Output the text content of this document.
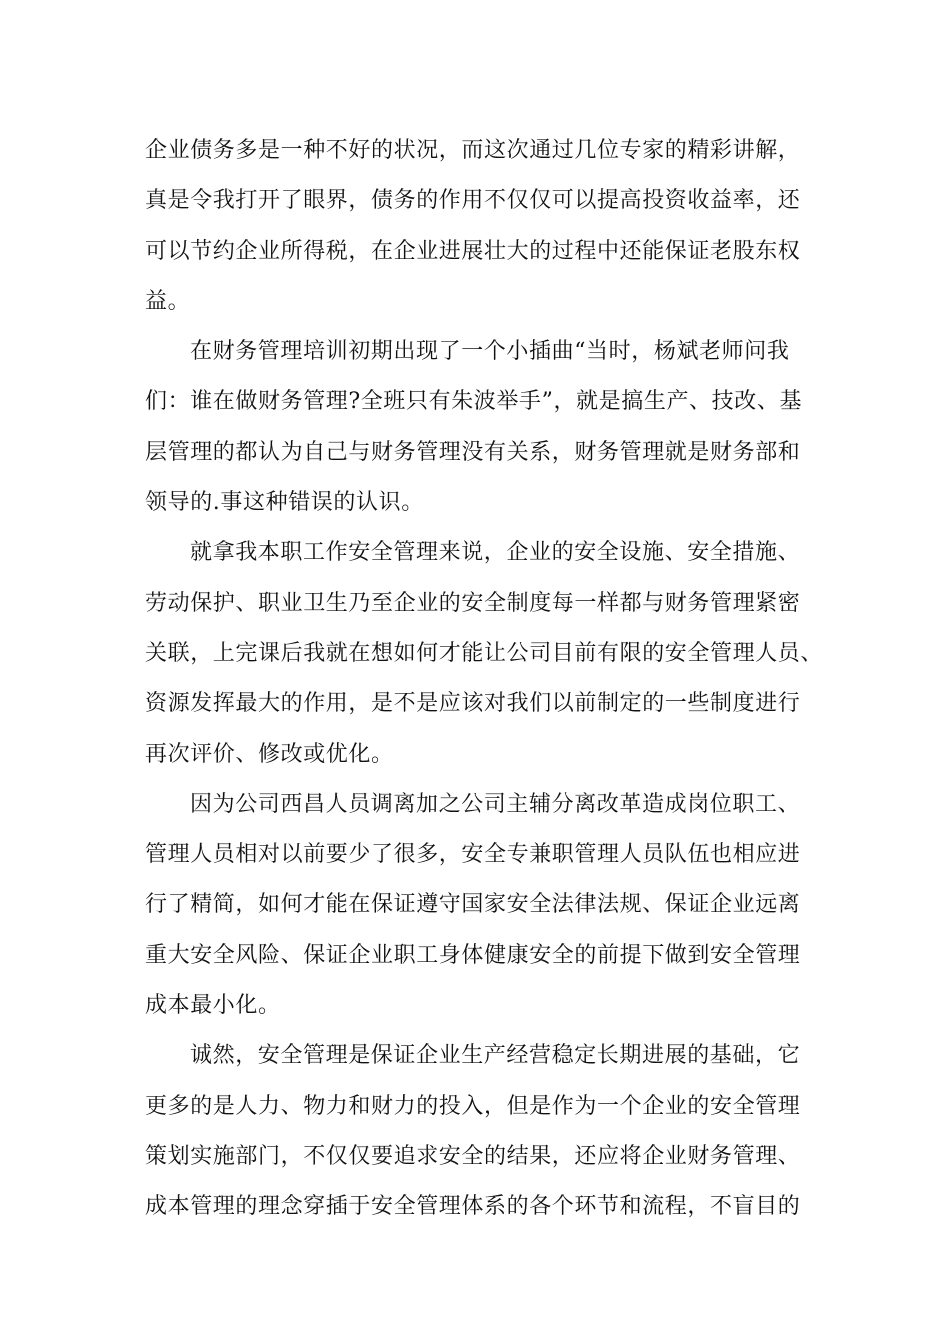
企业债务多是一种不好的状况，而这次通过几位专家的精彩讲解，
真是令我打开了眼界，债务的作用不仅仅可以提高投资收益率，还
可以节约企业所得税，在企业进展壮大的过程中还能保证老股东权
益。
在财务管理培训初期出现了一个小插曲“当时，杨斌老师问我
们：谁在做财务管理?全班只有朱波举手”，就是搞生产、技改、基
层管理的都认为自己与财务管理没有关系，财务管理就是财务部和
领导的.事这种错误的认识。
就拿我本职工作安全管理来说，企业的安全设施、安全措施、
劳动保护、职业卫生乃至企业的安全制度每一样都与财务管理紧密
关联，上完课后我就在想如何才能让公司目前有限的安全管理人员、
资源发挥最大的作用，是不是应该对我们以前制定的一些制度进行
再次评价、修改或优化。
因为公司西昌人员调离加之公司主辅分离改革造成岗位职工、
管理人员相对以前要少了很多，安全专兼职管理人员队伍也相应进
行了精简，如何才能在保证遵守国家安全法律法规、保证企业远离
重大安全风险、保证企业职工身体健康安全的前提下做到安全管理
成本最小化。
诚然，安全管理是保证企业生产经营稳定长期进展的基础，它
更多的是人力、物力和财力的投入，但是作为一个企业的安全管理
策划实施部门，不仅仅要追求安全的结果，还应将企业财务管理、
成本管理的理念穿插于安全管理体系的各个环节和流程，不盲目的
